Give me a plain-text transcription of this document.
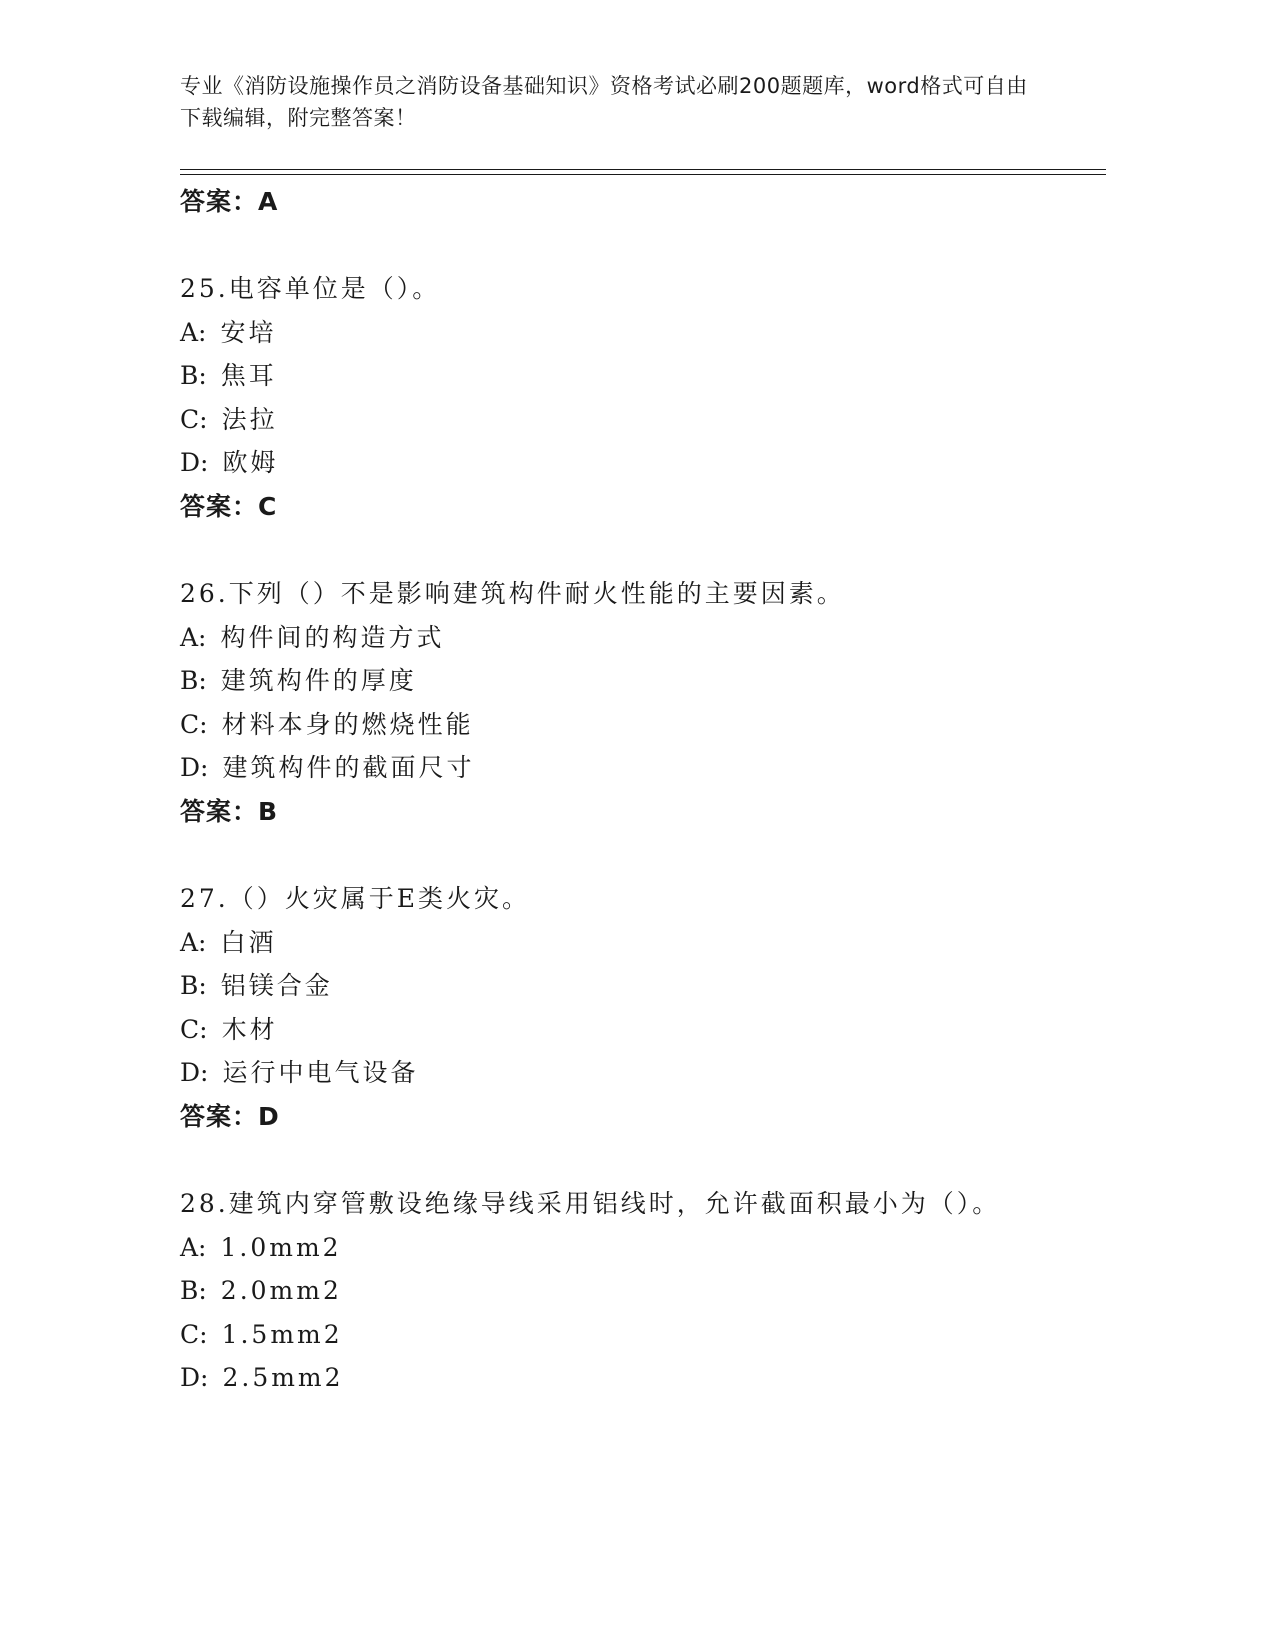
专业《消防设施操作员之消防设备基础知识》资格考试必刷200题题库，word格式可自由下载编辑，附完整答案！
答案：A
25.电容单位是（）。
A: 安培
B: 焦耳
C: 法拉
D: 欧姆
答案：C
26.下列（）不是影响建筑构件耐火性能的主要因素。
A: 构件间的构造方式
B: 建筑构件的厚度
C: 材料本身的燃烧性能
D: 建筑构件的截面尺寸
答案：B
27.（）火灾属于E类火灾。
A: 白酒
B: 铝镁合金
C: 木材
D: 运行中电气设备
答案：D
28.建筑内穿管敷设绝缘导线采用铝线时，允许截面积最小为（）。
A: 1.0mm2
B: 2.0mm2
C: 1.5mm2
D: 2.5mm2
